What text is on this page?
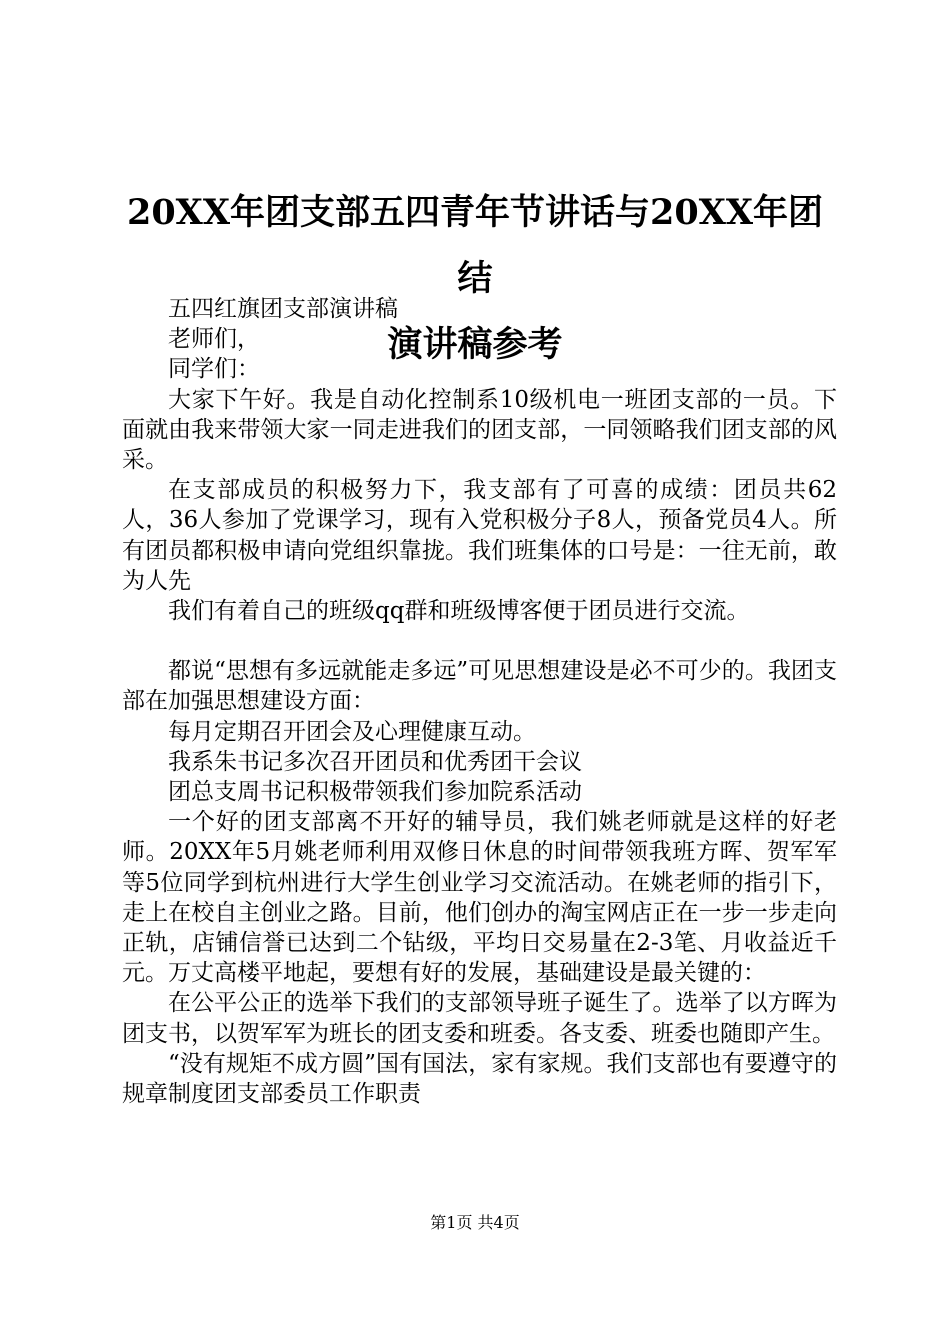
20XX年团支部五四青年节讲话与20XX年团结
演讲稿参考

五四红旗团支部演讲稿

老师们，

同学们：

大家下午好。我是自动化控制系10级机电一班团支部的一员。下面就由我来带领大家一同走进我们的团支部，一同领略我们团支部的风采。

在支部成员的积极努力下，我支部有了可喜的成绩：团员共62人，36人参加了党课学习，现有入党积极分子8人，预备党员4人。所有团员都积极申请向党组织靠拢。我们班集体的口号是：一往无前，敢为人先

我们有着自己的班级qq群和班级博客便于团员进行交流。

都说“思想有多远就能走多远”可见思想建设是必不可少的。我团支部在加强思想建设方面：

每月定期召开团会及心理健康互动。

我系朱书记多次召开团员和优秀团干会议

团总支周书记积极带领我们参加院系活动

一个好的团支部离不开好的辅导员，我们姚老师就是这样的好老师。20XX年5月姚老师利用双修日休息的时间带领我班方晖、贺军军等5位同学到杭州进行大学生创业学习交流活动。在姚老师的指引下，走上在校自主创业之路。目前，他们创办的淘宝网店正在一步一步走向正轨，店铺信誉已达到二个钻级，平均日交易量在2-3笔、月收益近千元。万丈高楼平地起，要想有好的发展，基础建设是最关键的：

在公平公正的选举下我们的支部领导班子诞生了。选举了以方晖为团支书，以贺军军为班长的团支委和班委。各支委、班委也随即产生。

“没有规矩不成方圆”国有国法，家有家规。我们支部也有要遵守的规章制度团支部委员工作职责

第1页 共4页
